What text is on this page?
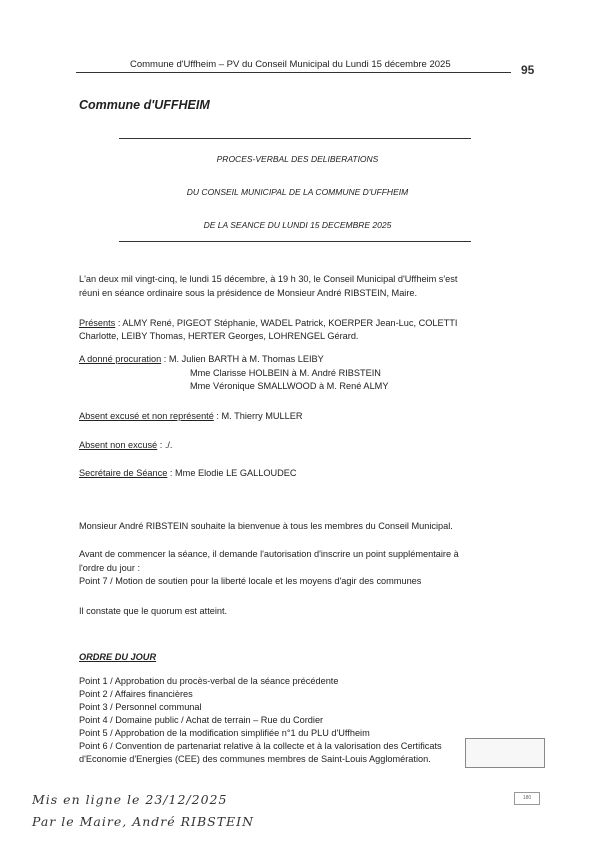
Commune d'Uffheim – PV du Conseil Municipal du Lundi 15 décembre 2025	95
Commune d'UFFHEIM
PROCES-VERBAL DES DELIBERATIONS
DU CONSEIL MUNICIPAL DE LA COMMUNE D'UFFHEIM
DE LA SEANCE DU LUNDI 15 DECEMBRE 2025
L'an deux mil vingt-cinq, le lundi 15 décembre, à 19 h 30, le Conseil Municipal d'Uffheim s'est
réuni en séance ordinaire sous la présidence de Monsieur André RIBSTEIN, Maire.
Présents : ALMY René, PIGEOT Stéphanie, WADEL Patrick, KOERPER Jean-Luc, COLETTI
Charlotte, LEIBY Thomas, HERTER Georges, LOHRENGEL Gérard.
A donné procuration : M. Julien BARTH à M. Thomas LEIBY
Mme Clarisse HOLBEIN à M. André RIBSTEIN
Mme Véronique SMALLWOOD à M. René ALMY
Absent excusé et non représenté : M. Thierry MULLER
Absent non excusé : ./.
Secrétaire de Séance : Mme Elodie LE GALLOUDEC
Monsieur André RIBSTEIN souhaite la bienvenue à tous les membres du Conseil Municipal.
Avant de commencer la séance, il demande l'autorisation d'inscrire un point supplémentaire à
l'ordre du jour :
Point 7 / Motion de soutien pour la liberté locale et les moyens d'agir des communes
Il constate que le quorum est atteint.
ORDRE DU JOUR
Point 1 / Approbation du procès-verbal de la séance précédente
Point 2 / Affaires financières
Point 3 / Personnel communal
Point 4 / Domaine public / Achat de terrain – Rue du Cordier
Point 5 / Approbation de la modification simplifiée n°1 du PLU d'Uffheim
Point 6 / Convention de partenariat relative à la collecte et à la valorisation des Certificats
d'Economie d'Energies (CEE) des communes membres de Saint-Louis Agglomération.

180
Mis en ligne le 23/12/2025
Par le Maire, André RIBSTEIN
